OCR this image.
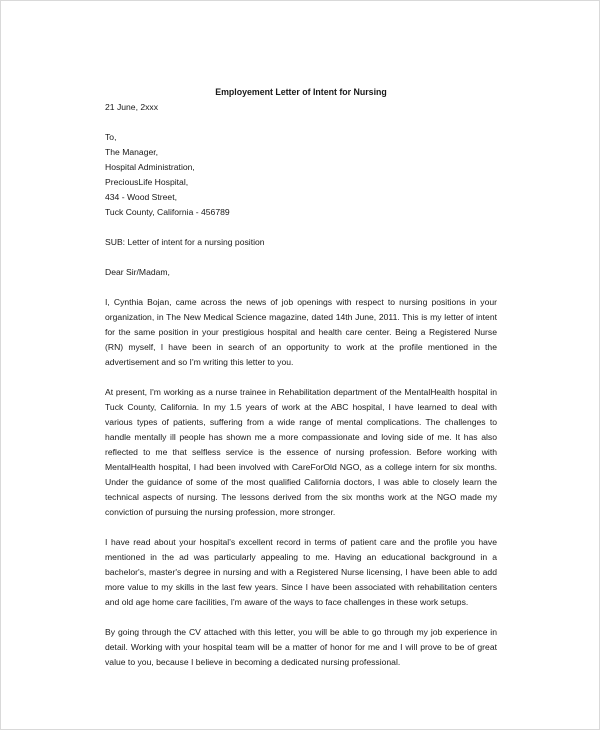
Employement Letter of Intent for Nursing

21 June, 2xxx

To,

The Manager,

Hospital Administration,

PreciousLife Hospital,

434 - Wood Street,

Tuck County, California - 456789

SUB: Letter of intent for a nursing position

Dear Sir/Madam,

I, Cynthia Bojan, came across the news of job openings with respect to nursing positions in your organization, in The New Medical Science magazine, dated 14th June, 2011. This is my letter of intent for the same position in your prestigious hospital and health care center. Being a Registered Nurse (RN) myself, I have been in search of an opportunity to work at the profile mentioned in the advertisement and so I'm writing this letter to you.

At present, I'm working as a nurse trainee in Rehabilitation department of the MentalHealth hospital in Tuck County, California. In my 1.5 years of work at the ABC hospital, I have learned to deal with various types of patients, suffering from a wide range of mental complications. The challenges to handle mentally ill people has shown me a more compassionate and loving side of me. It has also reflected to me that selfless service is the essence of nursing profession. Before working with MentalHealth hospital, I had been involved with CareForOld NGO, as a college intern for six months. Under the guidance of some of the most qualified California doctors, I was able to closely learn the technical aspects of nursing. The lessons derived from the six months work at the NGO made my conviction of pursuing the nursing profession, more stronger.

I have read about your hospital's excellent record in terms of patient care and the profile you have mentioned in the ad was particularly appealing to me. Having an educational background in a bachelor's, master's degree in nursing and with a Registered Nurse licensing, I have been able to add more value to my skills in the last few years. Since I have been associated with rehabilitation centers and old age home care facilities, I'm aware of the ways to face challenges in these work setups.

By going through the CV attached with this letter, you will be able to go through my job experience in detail. Working with your hospital team will be a matter of honor for me and I will prove to be of great value to you, because I believe in becoming a dedicated nursing professional.
